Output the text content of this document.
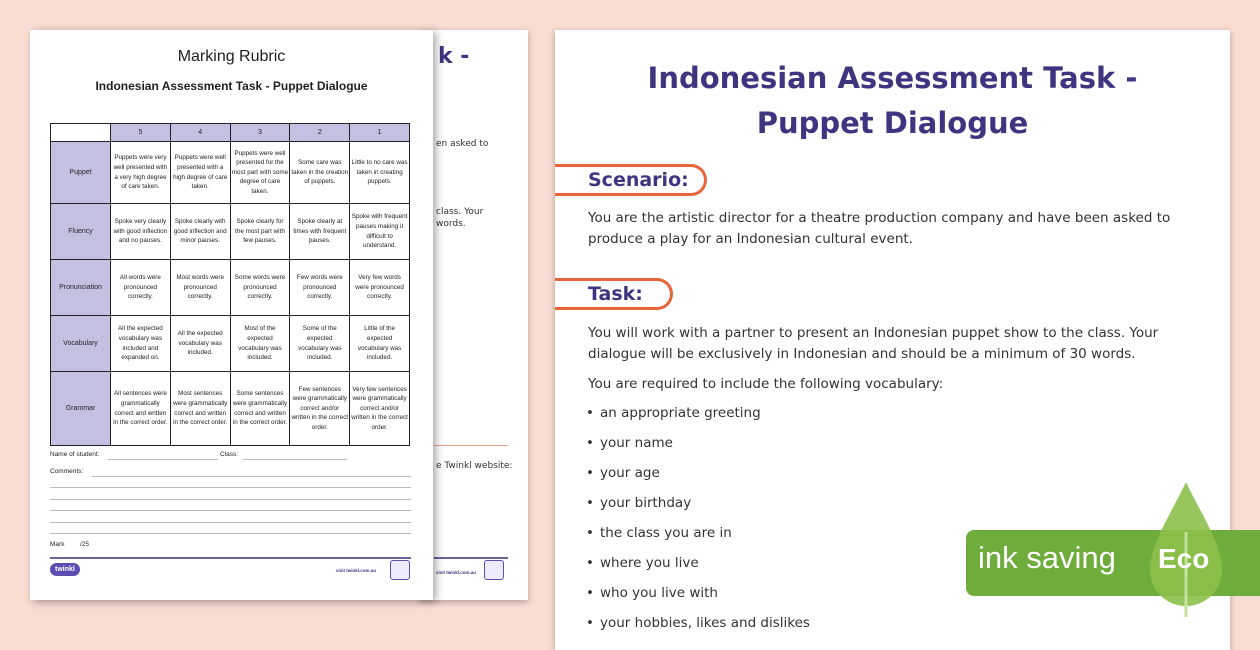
k -
en asked to
class. Your
words.
e Twinkl website:
visit twinkl.com.au
Marking Rubric
Indonesian Assessment Task - Puppet Dialogue
	5	4	3	2	1
Puppet	Puppets were very well presented with a very high degree of care taken.	Puppets were well presented with a high degree of care taken.	Puppets were well presented for the most part with some degree of care taken.	Some care was taken in the creation of puppets.	Little to no care was taken in creating puppets.
Fluency	Spoke very clearly with good inflection and no pauses.	Spoke clearly with good inflection and minor pauses.	Spoke clearly for the most part with few pauses.	Spoke clearly at times with frequent pauses.	Spoke with frequent pauses making it difficult to understand.
Pronunciation	All words were pronounced correctly.	Most words were pronounced correctly.	Some words were pronounced correctly.	Few words were pronounced correctly.	Very few words were pronounced correctly.
Vocabulary	All the expected vocabulary was included and expanded on.	All the expected vocabulary was included.	Most of the expected vocabulary was included.	Some of the expected vocabulary was included.	Little of the expected vocabulary was included.
Grammar	All sentences were grammatically correct and written in the correct order.	Most sentences were grammatically correct and written in the correct order.	Some sentences were grammatically correct and written in the correct order.	Few sentences were grammatically correct and/or written in the correct order.	Very few sentences were grammatically correct and/or written in the correct order.
Name of student:	Class:
Comments:
Mark /25
twinkl	visit twinkl.com.au
Indonesian Assessment Task -
Puppet Dialogue
Scenario:
You are the artistic director for a theatre production company and have been asked to produce a play for an Indonesian cultural event.
Task:
You will work with a partner to present an Indonesian puppet show to the class. Your dialogue will be exclusively in Indonesian and should be a minimum of 30 words.
You are required to include the following vocabulary:
• an appropriate greeting
• your name
• your age
• your birthday
• the class you are in
• where you live
• who you live with
• your hobbies, likes and dislikes
ink saving Eco
